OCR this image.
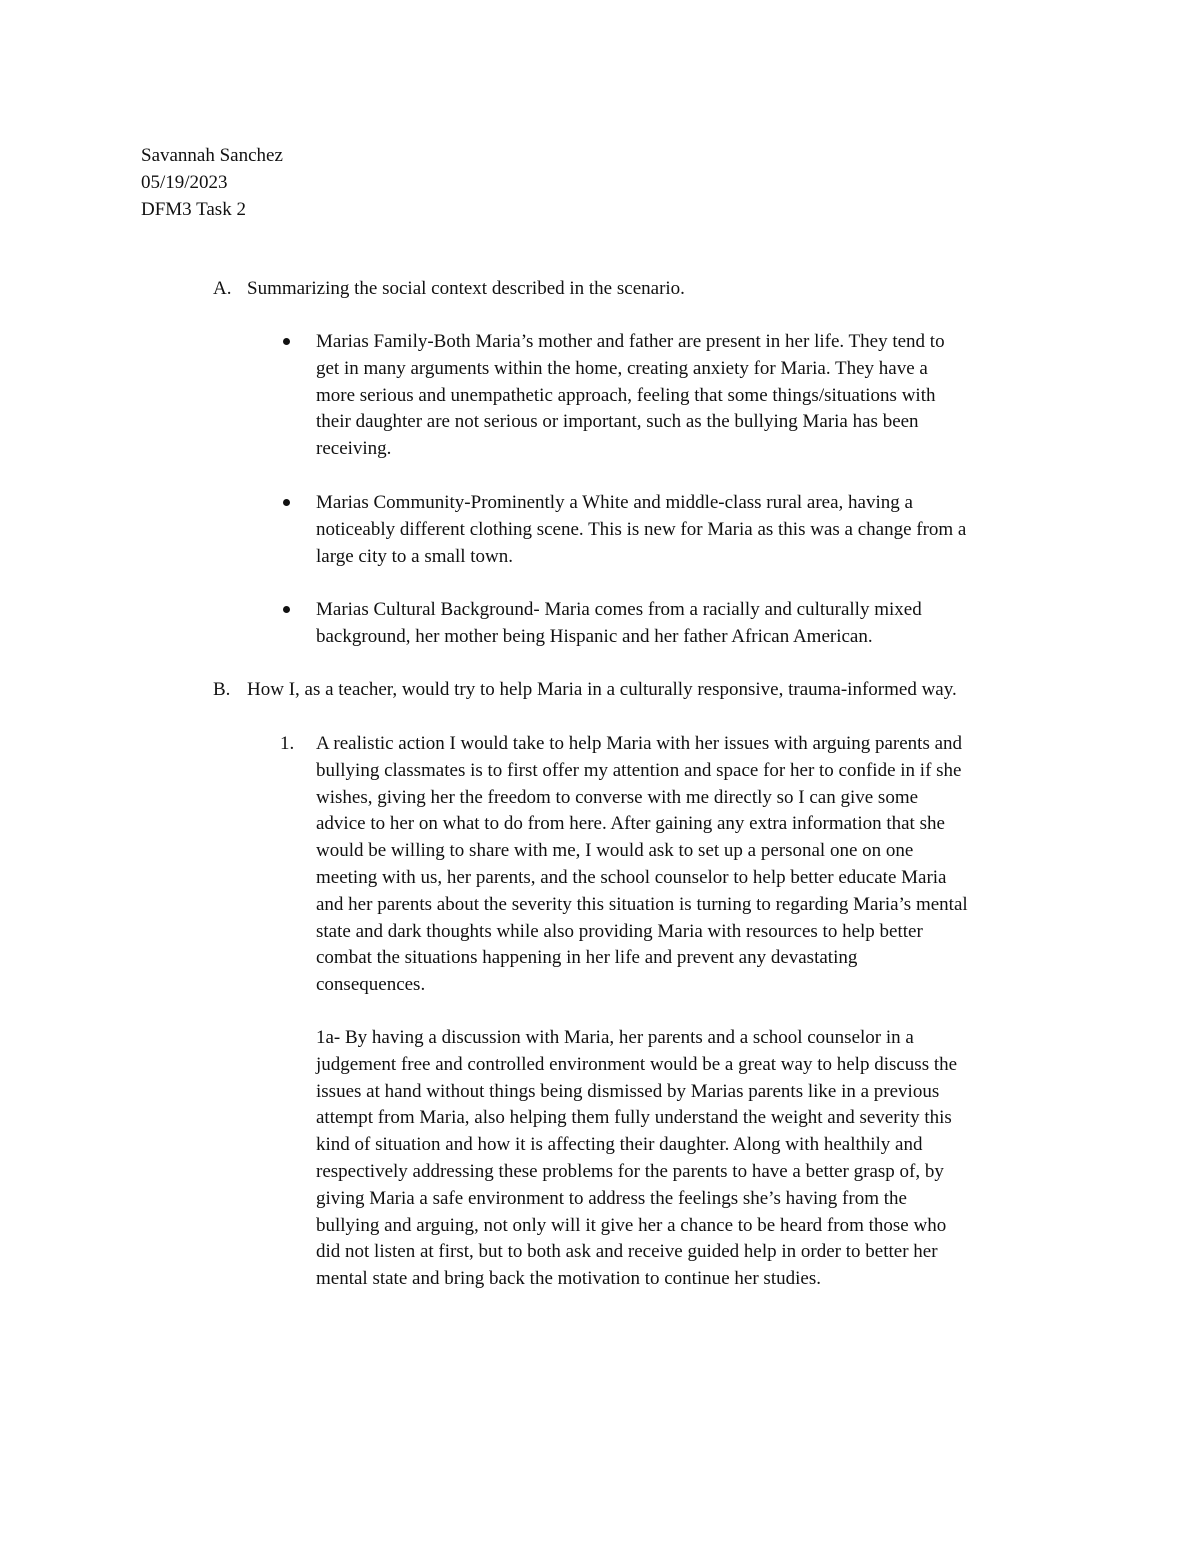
Savannah Sanchez
05/19/2023
DFM3 Task 2
A. Summarizing the social context described in the scenario.
Marias Family-Both Maria’s mother and father are present in her life. They tend to
get in many arguments within the home, creating anxiety for Maria. They have a
more serious and unempathetic approach, feeling that some things/situations with
their daughter are not serious or important, such as the bullying Maria has been
receiving.
Marias Community-Prominently a White and middle-class rural area, having a
noticeably different clothing scene. This is new for Maria as this was a change from a
large city to a small town.
Marias Cultural Background- Maria comes from a racially and culturally mixed
background, her mother being Hispanic and her father African American.
B. How I, as a teacher, would try to help Maria in a culturally responsive, trauma-informed way.
1. A realistic action I would take to help Maria with her issues with arguing parents and
bullying classmates is to first offer my attention and space for her to confide in if she
wishes, giving her the freedom to converse with me directly so I can give some
advice to her on what to do from here. After gaining any extra information that she
would be willing to share with me, I would ask to set up a personal one on one
meeting with us, her parents, and the school counselor to help better educate Maria
and her parents about the severity this situation is turning to regarding Maria’s mental
state and dark thoughts while also providing Maria with resources to help better
combat the situations happening in her life and prevent any devastating
consequences.
1a- By having a discussion with Maria, her parents and a school counselor in a
judgement free and controlled environment would be a great way to help discuss the
issues at hand without things being dismissed by Marias parents like in a previous
attempt from Maria, also helping them fully understand the weight and severity this
kind of situation and how it is affecting their daughter. Along with healthily and
respectively addressing these problems for the parents to have a better grasp of, by
giving Maria a safe environment to address the feelings she’s having from the
bullying and arguing, not only will it give her a chance to be heard from those who
did not listen at first, but to both ask and receive guided help in order to better her
mental state and bring back the motivation to continue her studies.
